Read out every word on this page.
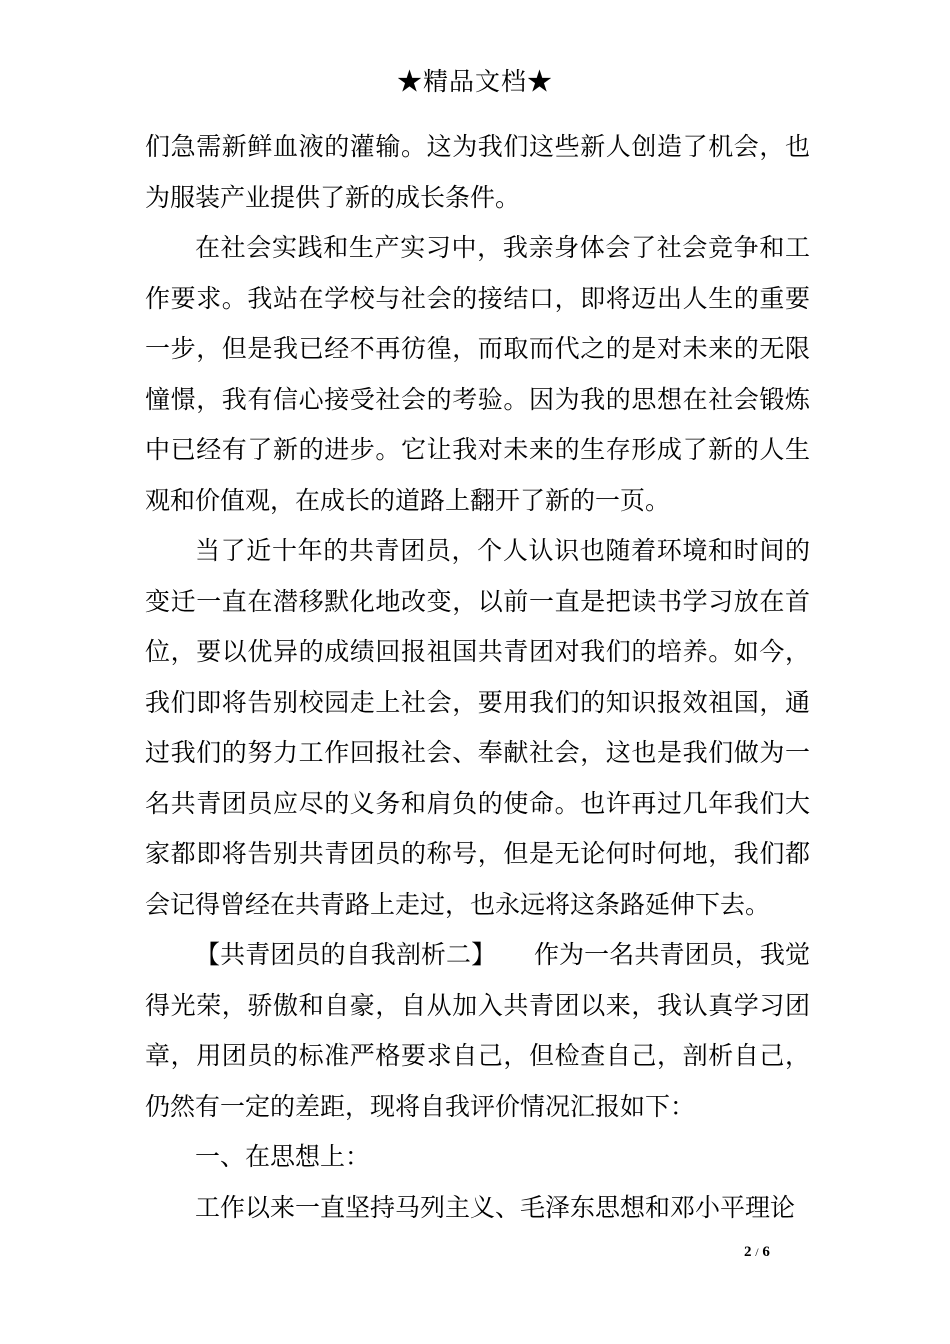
★精品文档★

们急需新鲜血液的灌输。这为我们这些新人创造了机会，也为服装产业提供了新的成长条件。

在社会实践和生产实习中，我亲身体会了社会竞争和工作要求。我站在学校与社会的接结口，即将迈出人生的重要一步，但是我已经不再彷徨，而取而代之的是对未来的无限憧憬，我有信心接受社会的考验。因为我的思想在社会锻炼中已经有了新的进步。它让我对未来的生存形成了新的人生观和价值观，在成长的道路上翻开了新的一页。

当了近十年的共青团员，个人认识也随着环境和时间的变迁一直在潜移默化地改变，以前一直是把读书学习放在首位，要以优异的成绩回报祖国共青团对我们的培养。如今，我们即将告别校园走上社会，要用我们的知识报效祖国，通过我们的努力工作回报社会、奉献社会，这也是我们做为一名共青团员应尽的义务和肩负的使命。也许再过几年我们大家都即将告别共青团员的称号，但是无论何时何地，我们都会记得曾经在共青路上走过，也永远将这条路延伸下去。

【共青团员的自我剖析二】　　作为一名共青团员，我觉得光荣，骄傲和自豪，自从加入共青团以来，我认真学习团章，用团员的标准严格要求自己，但检查自己，剖析自己，仍然有一定的差距，现将自我评价情况汇报如下：

一、在思想上：

工作以来一直坚持马列主义、毛泽东思想和邓小平理论

2 / 6
